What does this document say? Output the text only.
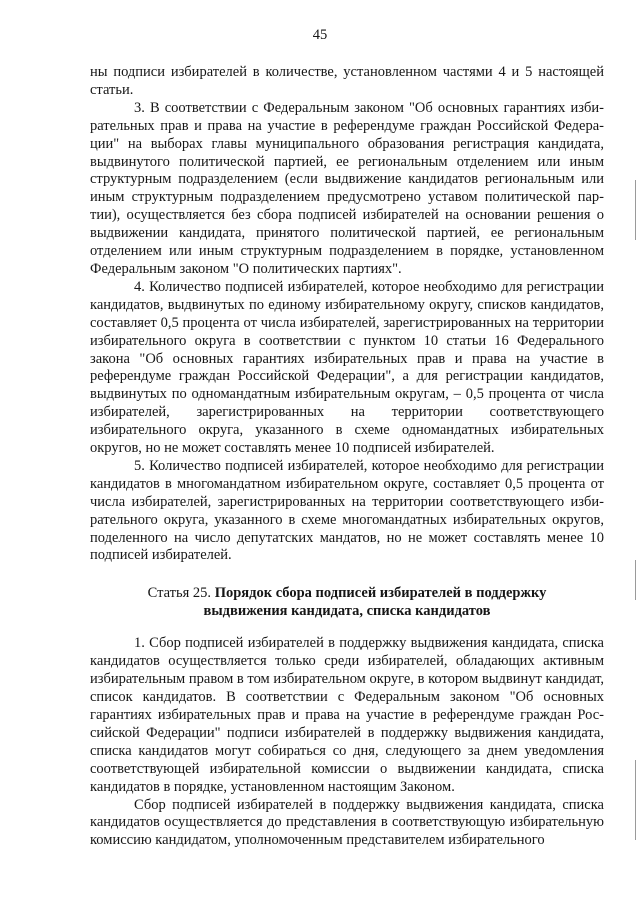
45

ны подписи избирателей в количестве, установленном частями 4 и 5 настоящей статьи.

3. В соответствии с Федеральным законом "Об основных гарантиях избирательных прав и права на участие в референдуме граждан Российской Федерации" на выборах главы муниципального образования регистрация кандидата, выдвинутого политической партией, ее региональным отделением или иным структурным подразделением (если выдвижение кандидатов региональным или иным структурным подразделением предусмотрено уставом политической партии), осуществляется без сбора подписей избирателей на основании решения о выдвижении кандидата, принятого политической партией, ее региональным отделением или иным структурным подразделением в порядке, установленном Федеральным законом "О политических партиях".

4. Количество подписей избирателей, которое необходимо для регистрации кандидатов, выдвинутых по единому избирательному округу, списков кандидатов, составляет 0,5 процента от числа избирателей, зарегистрированных на территории избирательного округа в соответствии с пунктом 10 статьи 16 Федерального закона "Об основных гарантиях избирательных прав и права на участие в референдуме граждан Российской Федерации", а для регистрации кандидатов, выдвинутых по одномандатным избирательным округам, – 0,5 процента от числа избирателей, зарегистрированных на территории соответствующего избирательного округа, указанного в схеме одномандатных избирательных округов, но не может составлять менее 10 подписей избирателей.

5. Количество подписей избирателей, которое необходимо для регистрации кандидатов в многомандатном избирательном округе, составляет 0,5 процента от числа избирателей, зарегистрированных на территории соответствующего избирательного округа, указанного в схеме многомандатных избирательных округов, поделенного на число депутатских мандатов, но не может составлять менее 10 подписей избирателей.

Статья 25. Порядок сбора подписей избирателей в поддержку
выдвижения кандидата, списка кандидатов

1. Сбор подписей избирателей в поддержку выдвижения кандидата, списка кандидатов осуществляется только среди избирателей, обладающих активным избирательным правом в том избирательном округе, в котором выдвинут кандидат, список кандидатов. В соответствии с Федеральным законом "Об основных гарантиях избирательных прав и права на участие в референдуме граждан Российской Федерации" подписи избирателей в поддержку выдвижения кандидата, списка кандидатов могут собираться со дня, следующего за днем уведомления соответствующей избирательной комиссии о выдвижении кандидата, списка кандидатов в порядке, установленном настоящим Законом.

Сбор подписей избирателей в поддержку выдвижения кандидата, списка кандидатов осуществляется до представления в соответствующую избирательную комиссию кандидатом, уполномоченным представителем избирательного
